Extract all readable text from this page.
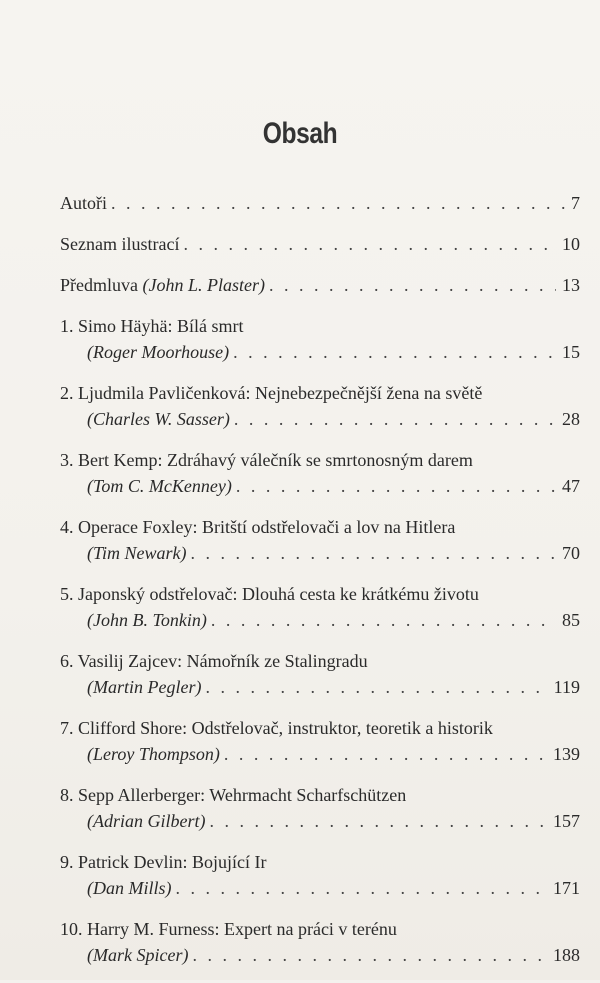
Obsah
Autoři . . .	7
Seznam ilustrací . . .	10
Předmluva (John L. Plaster) . . .	13
1. Simo Häyhä: Bílá smrt
(Roger Moorhouse) . . .	15
2. Ljudmila Pavličenková: Nejnebezpečnější žena na světě
(Charles W. Sasser) . . .	28
3. Bert Kemp: Zdráhavý válečník se smrtonosným darem
(Tom C. McKenney) . . .	47
4. Operace Foxley: Britští odstřelovači a lov na Hitlera
(Tim Newark) . . .	70
5. Japonský odstřelovač: Dlouhá cesta ke krátkému životu
(John B. Tonkin) . . .	85
6. Vasilij Zajcev: Námořník ze Stalingradu
(Martin Pegler) . . .	119
7. Clifford Shore: Odstřelovač, instruktor, teoretik a historik
(Leroy Thompson) . . .	139
8. Sepp Allerberger: Wehrmacht Scharfschützen
(Adrian Gilbert) . . .	157
9. Patrick Devlin: Bojující Ir
(Dan Mills) . . .	171
10. Harry M. Furness: Expert na práci v terénu
(Mark Spicer) . . .	188
